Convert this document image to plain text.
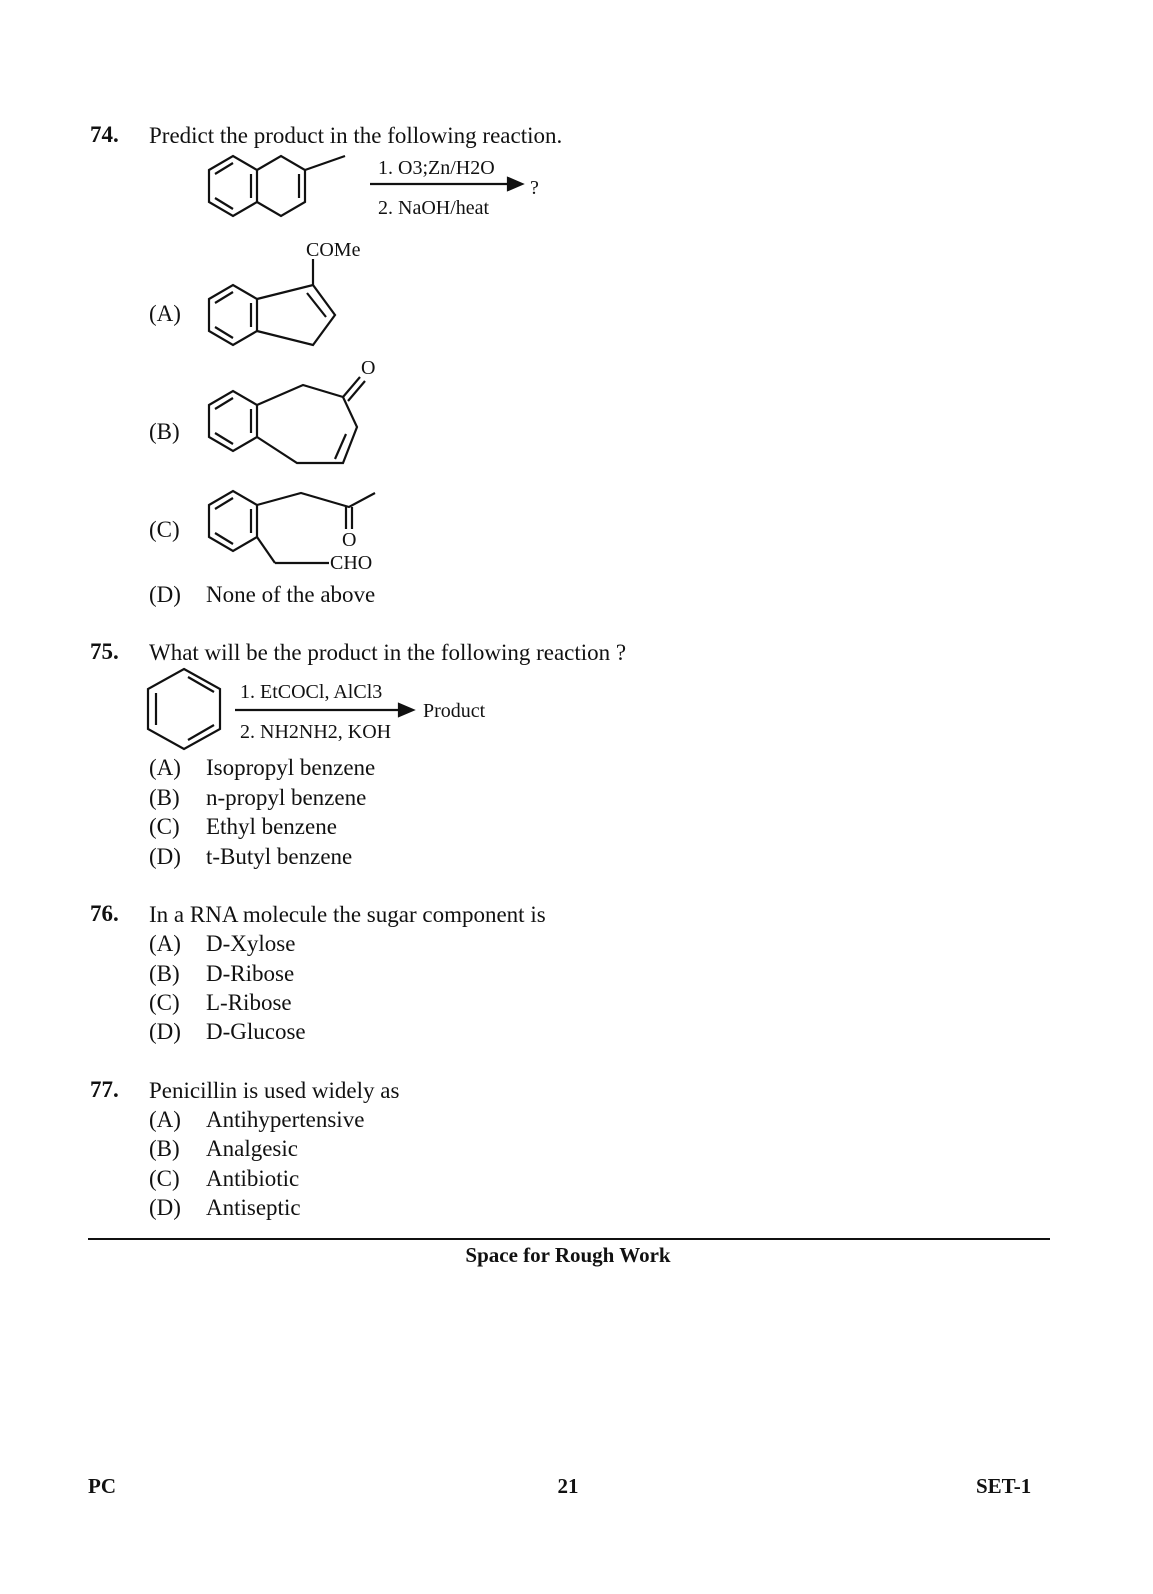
74. Predict the product in the following reaction.
1. O3;Zn/H2O
2. NaOH/heat
?
(A)
COMe
(B)
O
(C)	O
CHO
(D) None of the above
75. What will be the product in the following reaction ?
1. EtCOCl, AlCl3
2. NH2NH2, KOH
Product
(A) Isopropyl benzene
(B) n-propyl benzene
(C) Ethyl benzene
(D) t-Butyl benzene
76. In a RNA molecule the sugar component is
(A) D-Xylose
(B) D-Ribose
(C) L-Ribose
(D) D-Glucose
77. Penicillin is used widely as
(A) Antihypertensive
(B) Analgesic
(C) Antibiotic
(D) Antiseptic
Space for Rough Work
PC	21	SET-1
